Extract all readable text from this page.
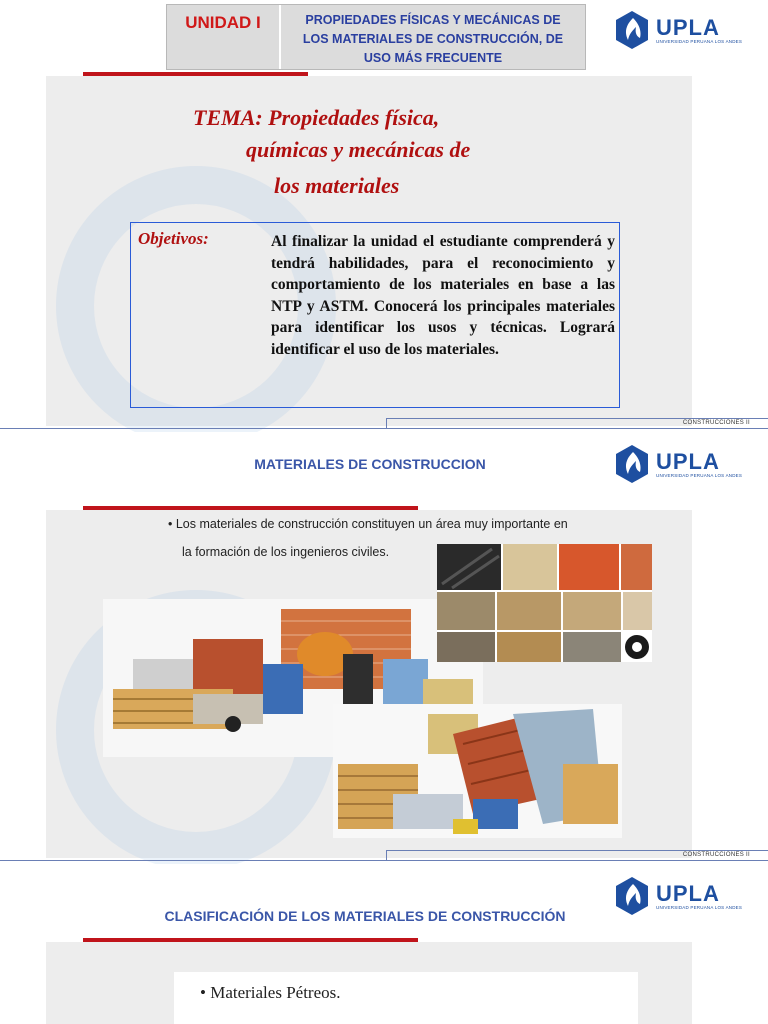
UNIDAD I	PROPIEDADES FÍSICAS Y MECÁNICAS DE
LOS MATERIALES DE CONSTRUCCIÓN, DE
USO MÁS FRECUENTE
UPLA
UNIVERSIDAD PERUANA LOS ANDES
TEMA: Propiedades física,
químicas y mecánicas de
los materiales
Objetivos:	Al finalizar la unidad el estudiante comprenderá y tendrá habilidades, para el reconocimiento y comportamiento de los materiales en base a las NTP y ASTM. Conocerá los principales materiales para identificar los usos y técnicas. Logrará identificar el uso de los materiales.
CONSTRUCCIONES II
MATERIALES DE CONSTRUCCION	UPLA
UNIVERSIDAD PERUANA LOS ANDES
• Los materiales de construcción constituyen un área muy importante en
la formación de los ingenieros civiles.
CONSTRUCCIONES II
CLASIFICACIÓN DE LOS MATERIALES DE CONSTRUCCIÓN
UPLA
UNIVERSIDAD PERUANA LOS ANDES
• Materiales Pétreos.
